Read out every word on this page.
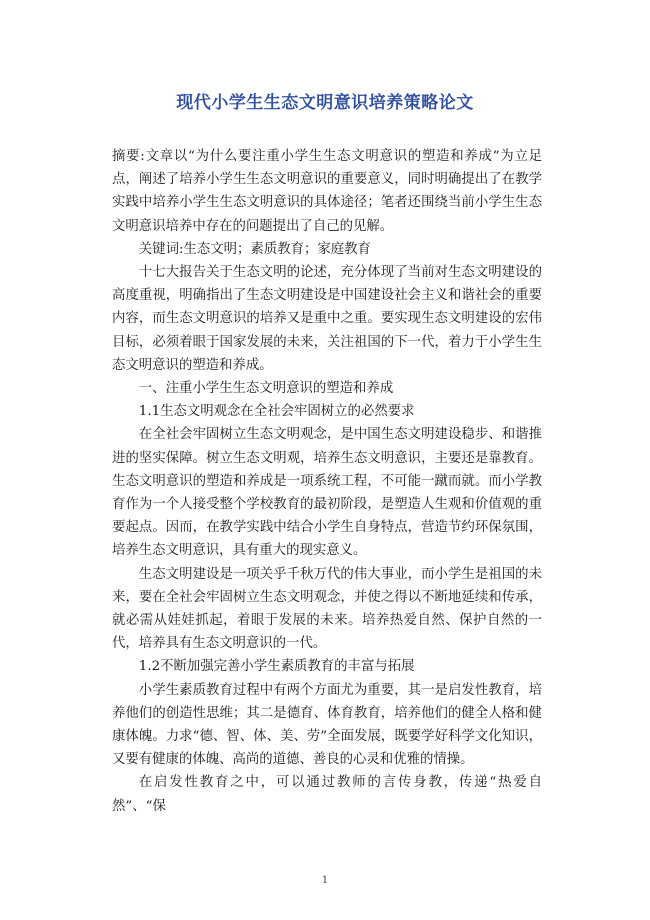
现代小学生生态文明意识培养策略论文

摘要:文章以“为什么要注重小学生生态文明意识的塑造和养成”为立足点，阐述了培养小学生生态文明意识的重要意义，同时明确提出了在教学实践中培养小学生生态文明意识的具体途径；笔者还围绕当前小学生生态文明意识培养中存在的问题提出了自己的见解。

关键词:生态文明；素质教育；家庭教育

十七大报告关于生态文明的论述，充分体现了当前对生态文明建设的高度重视，明确指出了生态文明建设是中国建设社会主义和谐社会的重要内容，而生态文明意识的培养又是重中之重。要实现生态文明建设的宏伟目标，必须着眼于国家发展的未来，关注祖国的下一代，着力于小学生生态文明意识的塑造和养成。

一、注重小学生生态文明意识的塑造和养成

1.1生态文明观念在全社会牢固树立的必然要求

在全社会牢固树立生态文明观念，是中国生态文明建设稳步、和谐推进的坚实保障。树立生态文明观，培养生态文明意识，主要还是靠教育。生态文明意识的塑造和养成是一项系统工程，不可能一蹴而就。而小学教育作为一个人接受整个学校教育的最初阶段，是塑造人生观和价值观的重要起点。因而，在教学实践中结合小学生自身特点，营造节约环保氛围，培养生态文明意识，具有重大的现实意义。

生态文明建设是一项关乎千秋万代的伟大事业，而小学生是祖国的未来，要在全社会牢固树立生态文明观念，并使之得以不断地延续和传承，就必需从娃娃抓起，着眼于发展的未来。培养热爱自然、保护自然的一代，培养具有生态文明意识的一代。

1.2不断加强完善小学生素质教育的丰富与拓展

小学生素质教育过程中有两个方面尤为重要，其一是启发性教育，培养他们的创造性思维；其二是德育、体育教育，培养他们的健全人格和健康体魄。力求“德、智、体、美、劳”全面发展，既要学好科学文化知识，又要有健康的体魄、高尚的道德、善良的心灵和优雅的情操。

在启发性教育之中，可以通过教师的言传身教，传递“热爱自然”、“保

1
